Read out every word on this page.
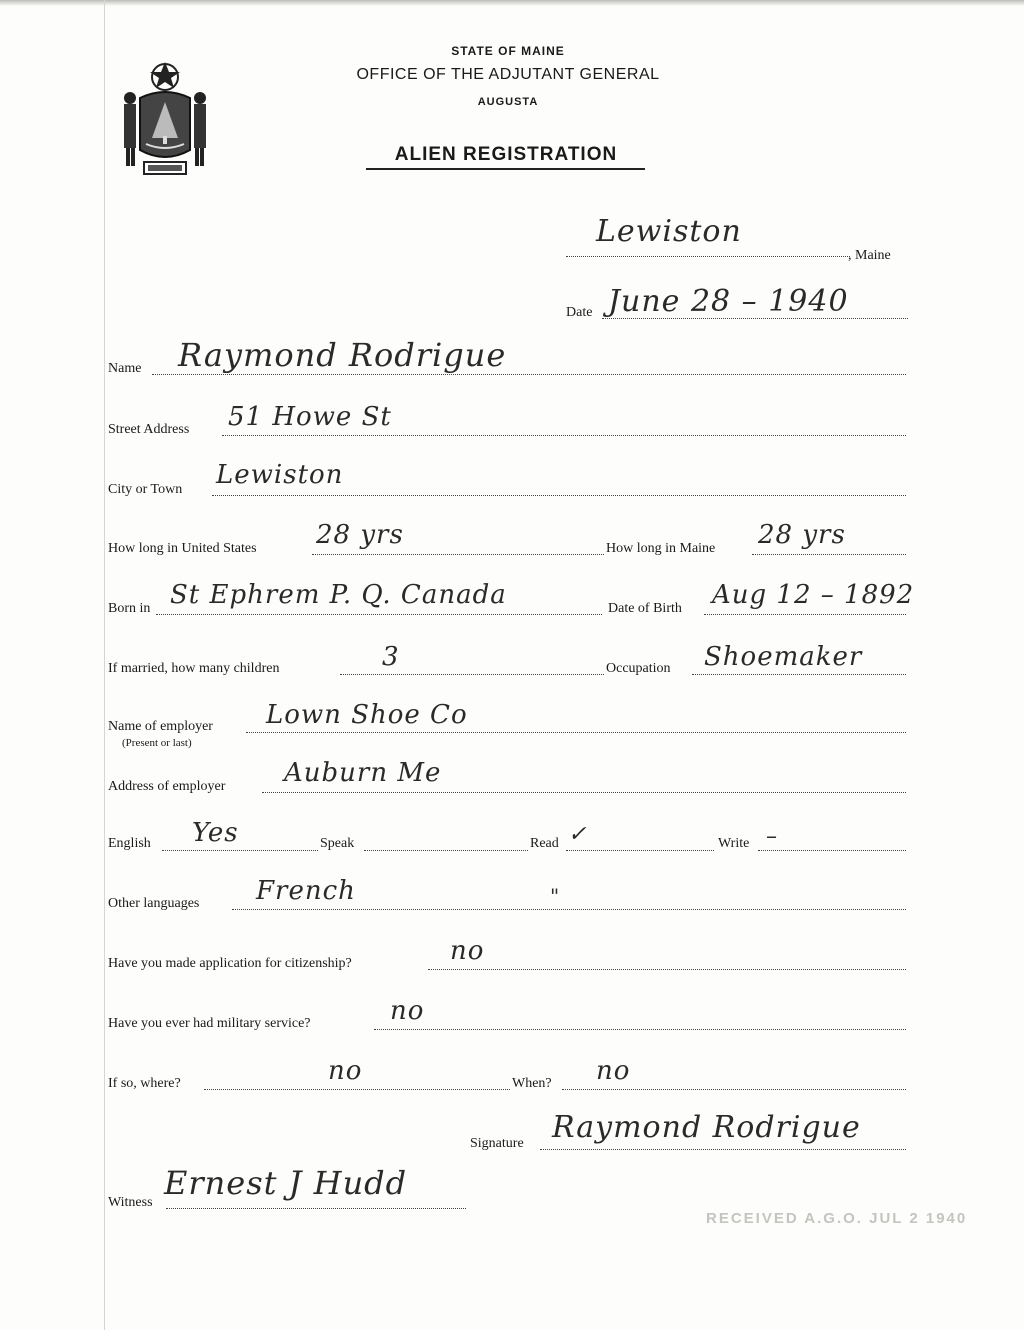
STATE OF MAINE
OFFICE OF THE ADJUTANT GENERAL
AUGUSTA
ALIEN REGISTRATION
Lewiston
, Maine
Date June 28 – 1940
Name Raymond Rodrigue
Street Address 51 Howe St
City or Town Lewiston
How long in United States 28 yrs	How long in Maine 28 yrs
Born in St Ephrem P. Q. Canada	Date of Birth Aug 12 – 1892
If married, how many children	3	Occupation Shoemaker
Name of employer
(Present or last)
Lown Shoe Co
Address of employer Auburn Me
English Yes	Speak	Read ✓	Write –
Other languages French	"
Have you made application for citizenship?	no
Have you ever had military service?	no
If so, where?	no	When? no
Signature Raymond Rodrigue
Witness
Ernest J Hudd
RECEIVED A.G.O. JUL 2 1940
